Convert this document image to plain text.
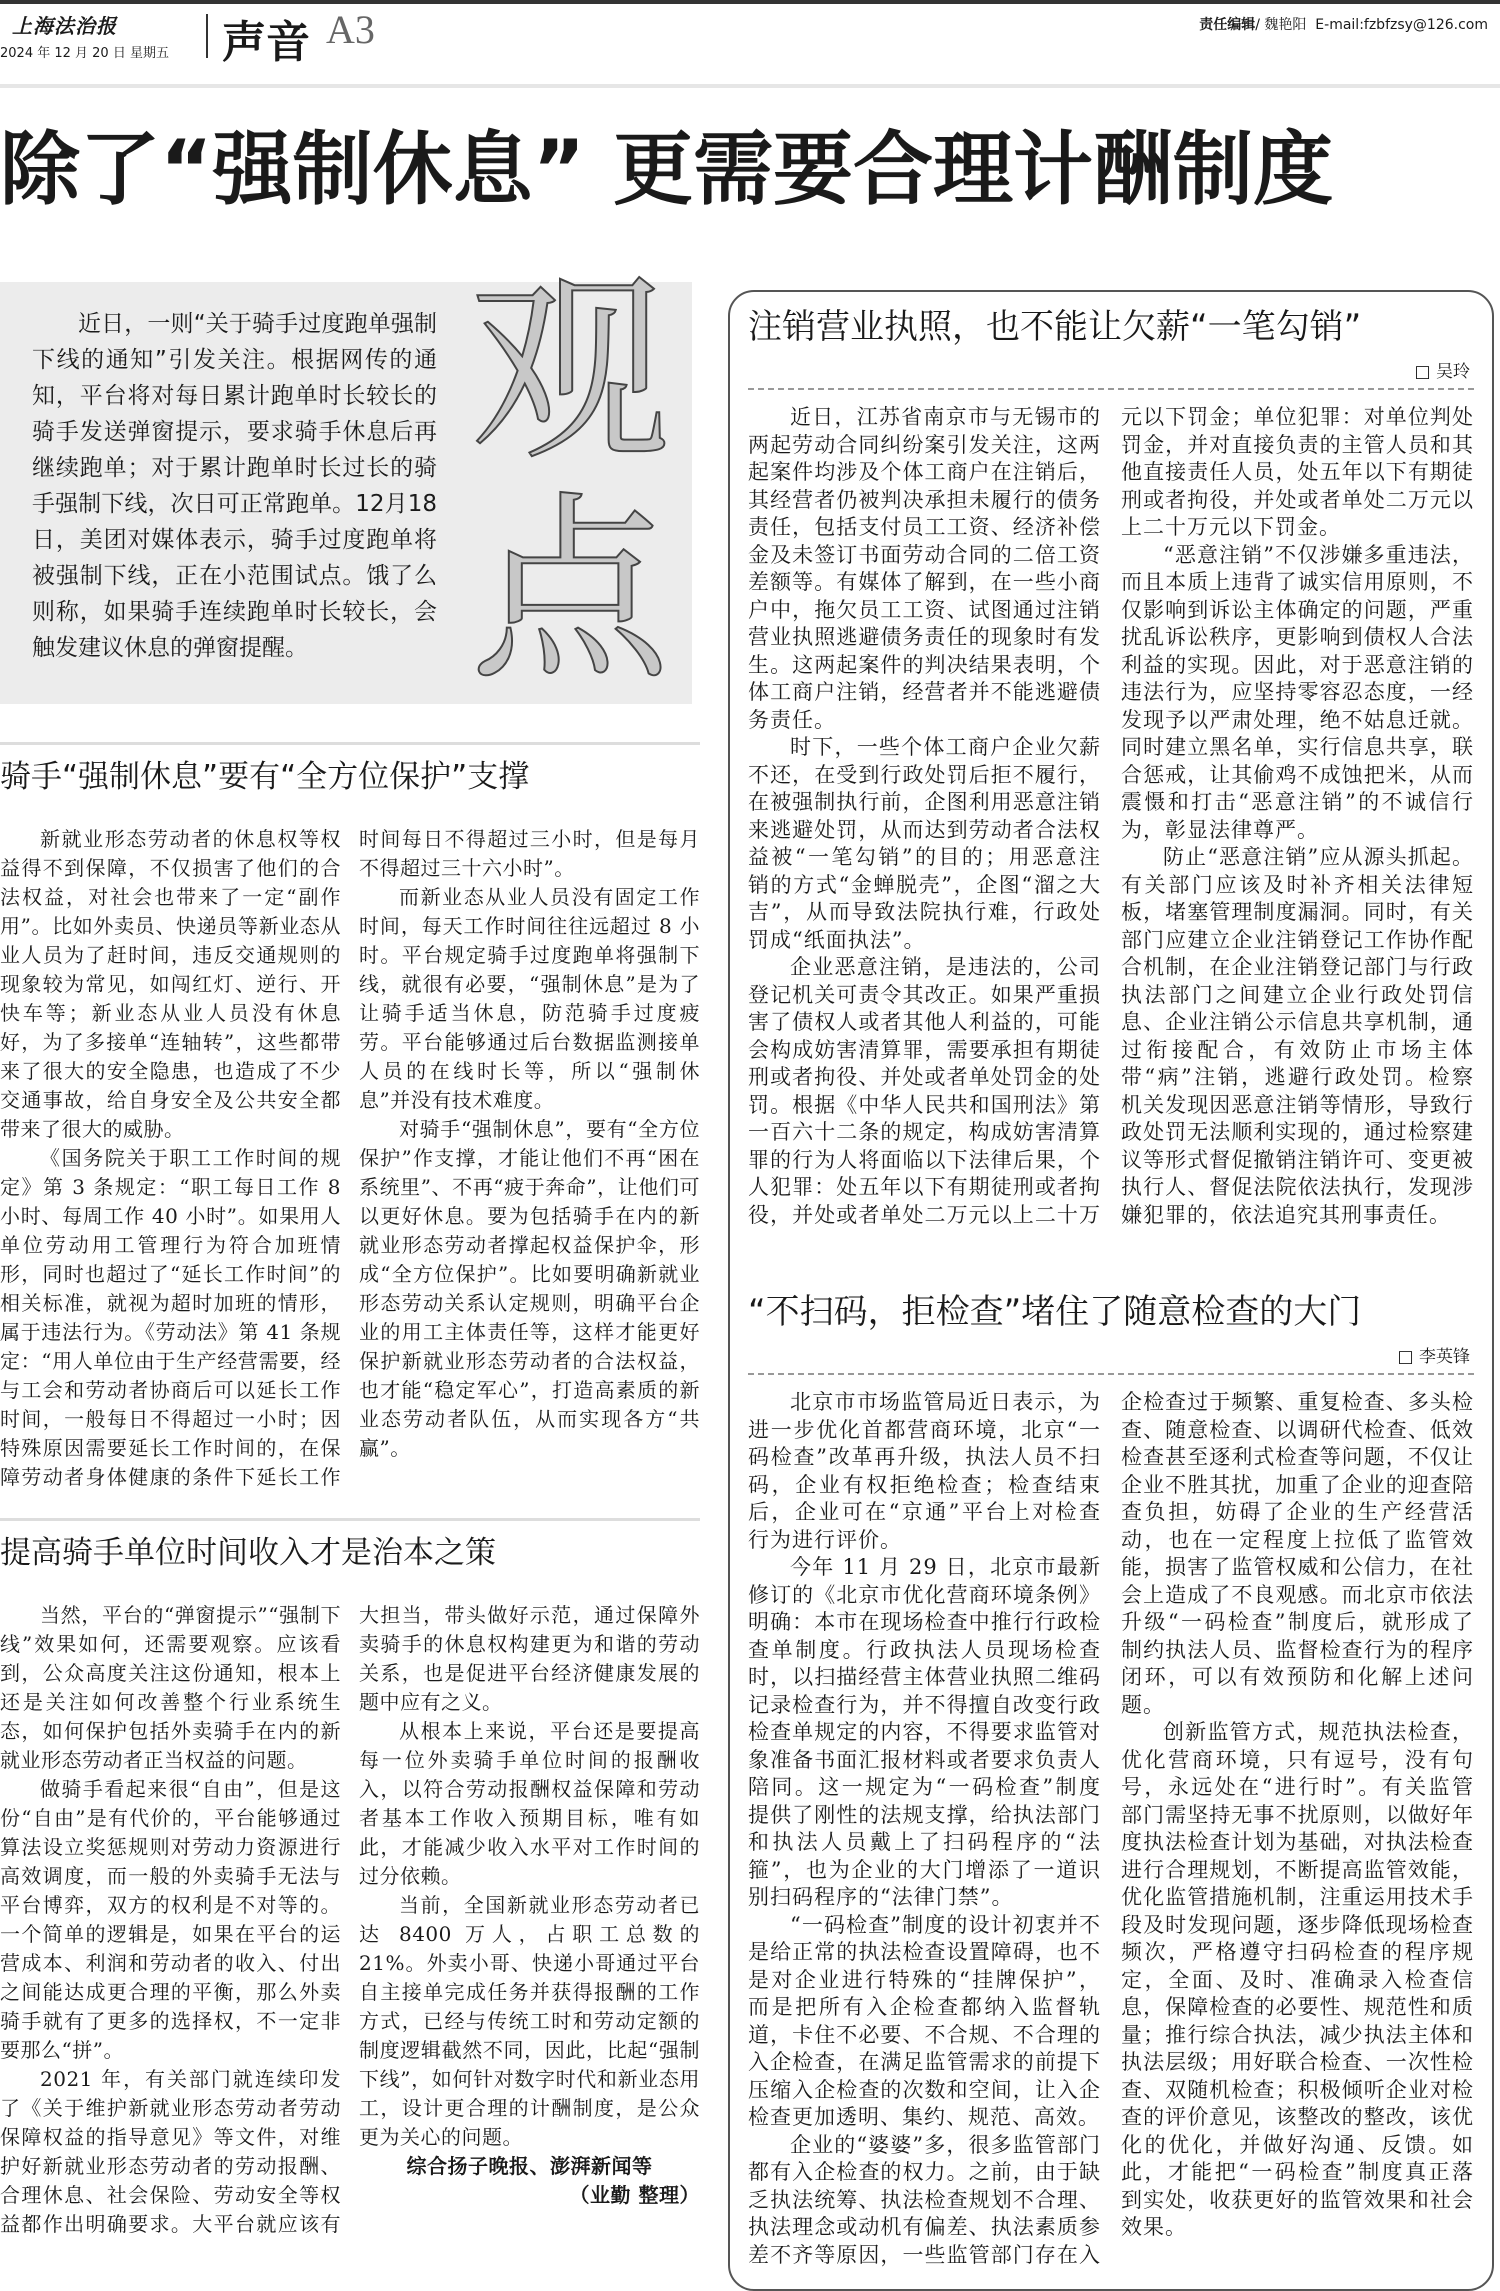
上海法治报
2024 年 12 月 20 日 星期五 声音 A3	责任编辑/ 魏艳阳 E-mail:fzbfzsy@126.com
除了“强制休息” 更需要合理计酬制度
观
点

近日，一则“关于骑手过度跑单强制下线的通知”引发关注。根据网传的通知，平台将对每日累计跑单时长较长的骑手发送弹窗提示，要求骑手休息后再继续跑单；对于累计跑单时长过长的骑手强制下线，次日可正常跑单。12月18日，美团对媒体表示，骑手过度跑单将被强制下线，正在小范围试点。饿了么则称，如果骑手连续跑单时长较长，会触发建议休息的弹窗提醒。

骑手“强制休息”要有“全方位保护”支撑

新就业形态劳动者的休息权等权益得不到保障，不仅损害了他们的合法权益，对社会也带来了一定“副作用”。比如外卖员、快递员等新业态从业人员为了赶时间，违反交通规则的现象较为常见，如闯红灯、逆行、开快车等；新业态从业人员没有休息好，为了多接单“连轴转”，这些都带来了很大的安全隐患，也造成了不少交通事故，给自身安全及公共安全都带来了很大的威胁。

《国务院关于职工工作时间的规定》第 3 条规定：“职工每日工作 8 小时、每周工作 40 小时”。如果用人单位劳动用工管理行为符合加班情形，同时也超过了“延长工作时间”的相关标准，就视为超时加班的情形，属于违法行为。《劳动法》第 41 条规定：“用人单位由于生产经营需要，经与工会和劳动者协商后可以延长工作时间，一般每日不得超过一小时；因特殊原因需要延长工作时间的，在保障劳动者身体健康的条件下延长工作时间每日不得超过三小时，但是每月不得超过三十六小时”。

而新业态从业人员没有固定工作时间，每天工作时间往往远超过 8 小时。平台规定骑手过度跑单将强制下线，就很有必要，“强制休息”是为了让骑手适当休息，防范骑手过度疲劳。平台能够通过后台数据监测接单人员的在线时长等，所以“强制休息”并没有技术难度。

对骑手“强制休息”，要有“全方位保护”作支撑，才能让他们不再“困在系统里”、不再“疲于奔命”，让他们可以更好休息。要为包括骑手在内的新就业形态劳动者撑起权益保护伞，形成“全方位保护”。比如要明确新就业形态劳动关系认定规则，明确平台企业的用工主体责任等，这样才能更好保护新就业形态劳动者的合法权益，也才能“稳定军心”，打造高素质的新业态劳动者队伍，从而实现各方“共赢”。

提高骑手单位时间收入才是治本之策

当然，平台的“弹窗提示”“强制下线”效果如何，还需要观察。应该看到，公众高度关注这份通知，根本上还是关注如何改善整个行业系统生态，如何保护包括外卖骑手在内的新就业形态劳动者正当权益的问题。

做骑手看起来很“自由”，但是这份“自由”是有代价的，平台能够通过算法设立奖惩规则对劳动力资源进行高效调度，而一般的外卖骑手无法与平台博弈，双方的权利是不对等的。一个简单的逻辑是，如果在平台的运营成本、利润和劳动者的收入、付出之间能达成更合理的平衡，那么外卖骑手就有了更多的选择权，不一定非要那么“拼”。

2021 年，有关部门就连续印发了《关于维护新就业形态劳动者劳动保障权益的指导意见》等文件，对维护好新就业形态劳动者的劳动报酬、合理休息、社会保险、劳动安全等权益都作出明确要求。大平台就应该有大担当，带头做好示范，通过保障外卖骑手的休息权构建更为和谐的劳动关系，也是促进平台经济健康发展的题中应有之义。

从根本上来说，平台还是要提高每一位外卖骑手单位时间的报酬收入，以符合劳动报酬权益保障和劳动者基本工作收入预期目标，唯有如此，才能减少收入水平对工作时间的过分依赖。

当前，全国新就业形态劳动者已达 8400 万人，占职工总数的 21%。外卖小哥、快递小哥通过平台自主接单完成任务并获得报酬的工作方式，已经与传统工时和劳动定额的制度逻辑截然不同，因此，比起“强制下线”，如何针对数字时代和新业态用工，设计更合理的计酬制度，是公众更为关心的问题。

综合扬子晚报、澎湃新闻等

（业勤 整理）

注销营业执照，也不能让欠薪“一笔勾销”
□ 吴玲

近日，江苏省南京市与无锡市的两起劳动合同纠纷案引发关注，这两起案件均涉及个体工商户在注销后，其经营者仍被判决承担未履行的债务责任，包括支付员工工资、经济补偿金及未签订书面劳动合同的二倍工资差额等。有媒体了解到，在一些小商户中，拖欠员工工资、试图通过注销营业执照逃避债务责任的现象时有发生。这两起案件的判决结果表明，个体工商户注销，经营者并不能逃避债务责任。

时下，一些个体工商户企业欠薪不还，在受到行政处罚后拒不履行，在被强制执行前，企图利用恶意注销来逃避处罚，从而达到劳动者合法权益被“一笔勾销”的目的；用恶意注销的方式“金蝉脱壳”，企图“溜之大吉”，从而导致法院执行难，行政处罚成“纸面执法”。

企业恶意注销，是违法的，公司登记机关可责令其改正。如果严重损害了债权人或者其他人利益的，可能会构成妨害清算罪，需要承担有期徒刑或者拘役、并处或者单处罚金的处罚。根据《中华人民共和国刑法》第一百六十二条的规定，构成妨害清算罪的行为人将面临以下法律后果，个人犯罪：处五年以下有期徒刑或者拘役，并处或者单处二万元以上二十万元以下罚金；单位犯罪：对单位判处罚金，并对直接负责的主管人员和其他直接责任人员，处五年以下有期徒刑或者拘役，并处或者单处二万元以上二十万元以下罚金。

“恶意注销”不仅涉嫌多重违法，而且本质上违背了诚实信用原则，不仅影响到诉讼主体确定的问题，严重扰乱诉讼秩序，更影响到债权人合法利益的实现。因此，对于恶意注销的违法行为，应坚持零容忍态度，一经发现予以严肃处理，绝不姑息迁就。同时建立黑名单，实行信息共享，联合惩戒，让其偷鸡不成蚀把米，从而震慑和打击“恶意注销”的不诚信行为，彰显法律尊严。

防止“恶意注销”应从源头抓起。有关部门应该及时补齐相关法律短板，堵塞管理制度漏洞。同时，有关部门应建立企业注销登记工作协作配合机制，在企业注销登记部门与行政执法部门之间建立企业行政处罚信息、企业注销公示信息共享机制，通过衔接配合，有效防止市场主体带“病”注销，逃避行政处罚。检察机关发现因恶意注销等情形，导致行政处罚无法顺利实现的，通过检察建议等形式督促撤销注销许可、变更被执行人、督促法院依法执行，发现涉嫌犯罪的，依法追究其刑事责任。

“不扫码，拒检查”堵住了随意检查的大门
□ 李英锋

北京市市场监管局近日表示，为进一步优化首都营商环境，北京“一码检查”改革再升级，执法人员不扫码，企业有权拒绝检查；检查结束后，企业可在“京通”平台上对检查行为进行评价。

今年 11 月 29 日，北京市最新修订的《北京市优化营商环境条例》明确：本市在现场检查中推行行政检查单制度。行政执法人员现场检查时，以扫描经营主体营业执照二维码记录检查行为，并不得擅自改变行政检查单规定的内容，不得要求监管对象准备书面汇报材料或者要求负责人陪同。这一规定为“一码检查”制度提供了刚性的法规支撑，给执法部门和执法人员戴上了扫码程序的“法箍”，也为企业的大门增添了一道识别扫码程序的“法律门禁”。

“一码检查”制度的设计初衷并不是给正常的执法检查设置障碍，也不是对企业进行特殊的“挂牌保护”，而是把所有入企检查都纳入监督轨道，卡住不必要、不合规、不合理的入企检查，在满足监管需求的前提下压缩入企检查的次数和空间，让入企检查更加透明、集约、规范、高效。

企业的“婆婆”多，很多监管部门都有入企检查的权力。之前，由于缺乏执法统筹、执法检查规划不合理、执法理念或动机有偏差、执法素质参差不齐等原因，一些监管部门存在入企检查过于频繁、重复检查、多头检查、随意检查、以调研代检查、低效检查甚至逐利式检查等问题，不仅让企业不胜其扰，加重了企业的迎查陪查负担，妨碍了企业的生产经营活动，也在一定程度上拉低了监管效能，损害了监管权威和公信力，在社会上造成了不良观感。而北京市依法升级“一码检查”制度后，就形成了制约执法人员、监督检查行为的程序闭环，可以有效预防和化解上述问题。

创新监管方式，规范执法检查，优化营商环境，只有逗号，没有句号，永远处在“进行时”。有关监管部门需坚持无事不扰原则，以做好年度执法检查计划为基础，对执法检查进行合理规划，不断提高监管效能，优化监管措施机制，注重运用技术手段及时发现问题，逐步降低现场检查频次，严格遵守扫码检查的程序规定，全面、及时、准确录入检查信息，保障检查的必要性、规范性和质量；推行综合执法，减少执法主体和执法层级；用好联合检查、一次性检查、双随机检查；积极倾听企业对检查的评价意见，该整改的整改，该优化的优化，并做好沟通、反馈。如此，才能把“一码检查”制度真正落到实处，收获更好的监管效果和社会效果。
